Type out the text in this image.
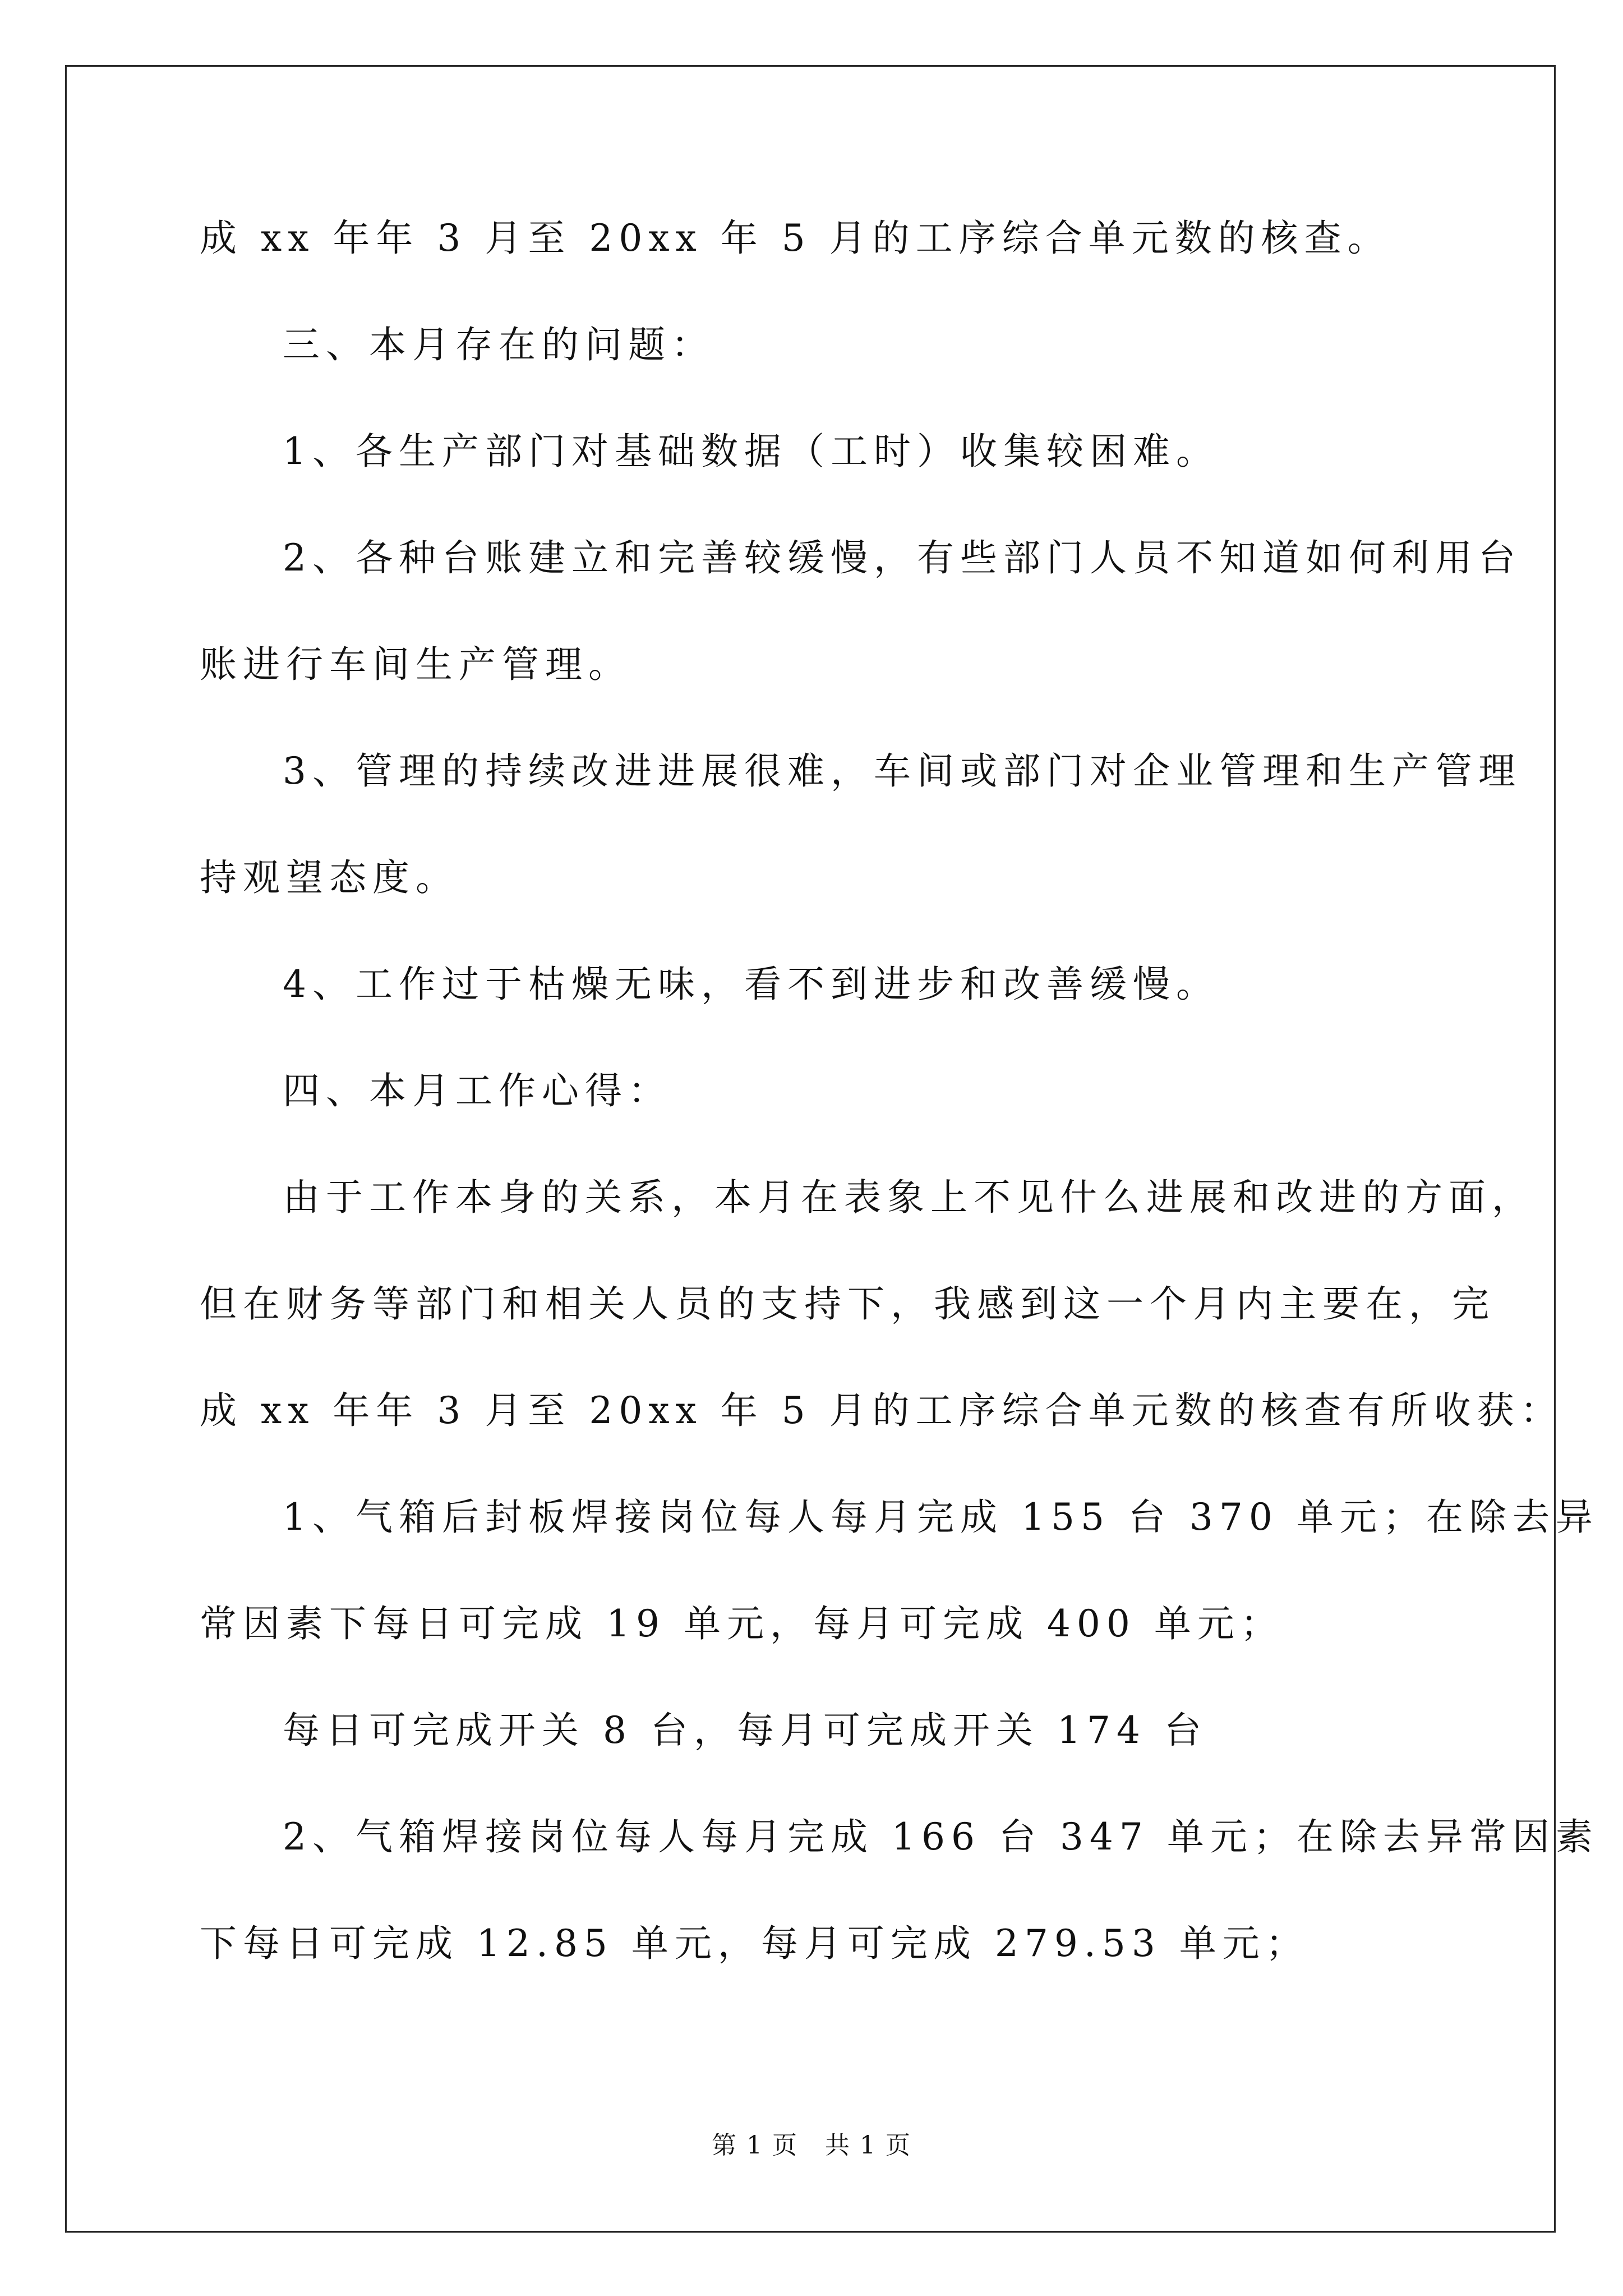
成 xx 年年 3 月至 20xx 年 5 月的工序综合单元数的核查。
三、本月存在的问题：
1、各生产部门对基础数据（工时）收集较困难。
2、各种台账建立和完善较缓慢，有些部门人员不知道如何利用台
账进行车间生产管理。
3、管理的持续改进进展很难，车间或部门对企业管理和生产管理
持观望态度。
4、工作过于枯燥无味，看不到进步和改善缓慢。
四、本月工作心得：
由于工作本身的关系，本月在表象上不见什么进展和改进的方面，
但在财务等部门和相关人员的支持下，我感到这一个月内主要在，完
成 xx 年年 3 月至 20xx 年 5 月的工序综合单元数的核查有所收获：
1、气箱后封板焊接岗位每人每月完成 155 台 370 单元；在除去异
常因素下每日可完成 19 单元，每月可完成 400 单元；
每日可完成开关 8 台，每月可完成开关 174 台
2、气箱焊接岗位每人每月完成 166 台 347 单元；在除去异常因素
下每日可完成 12.85 单元，每月可完成 279.53 单元；
第 1 页   共 1 页
